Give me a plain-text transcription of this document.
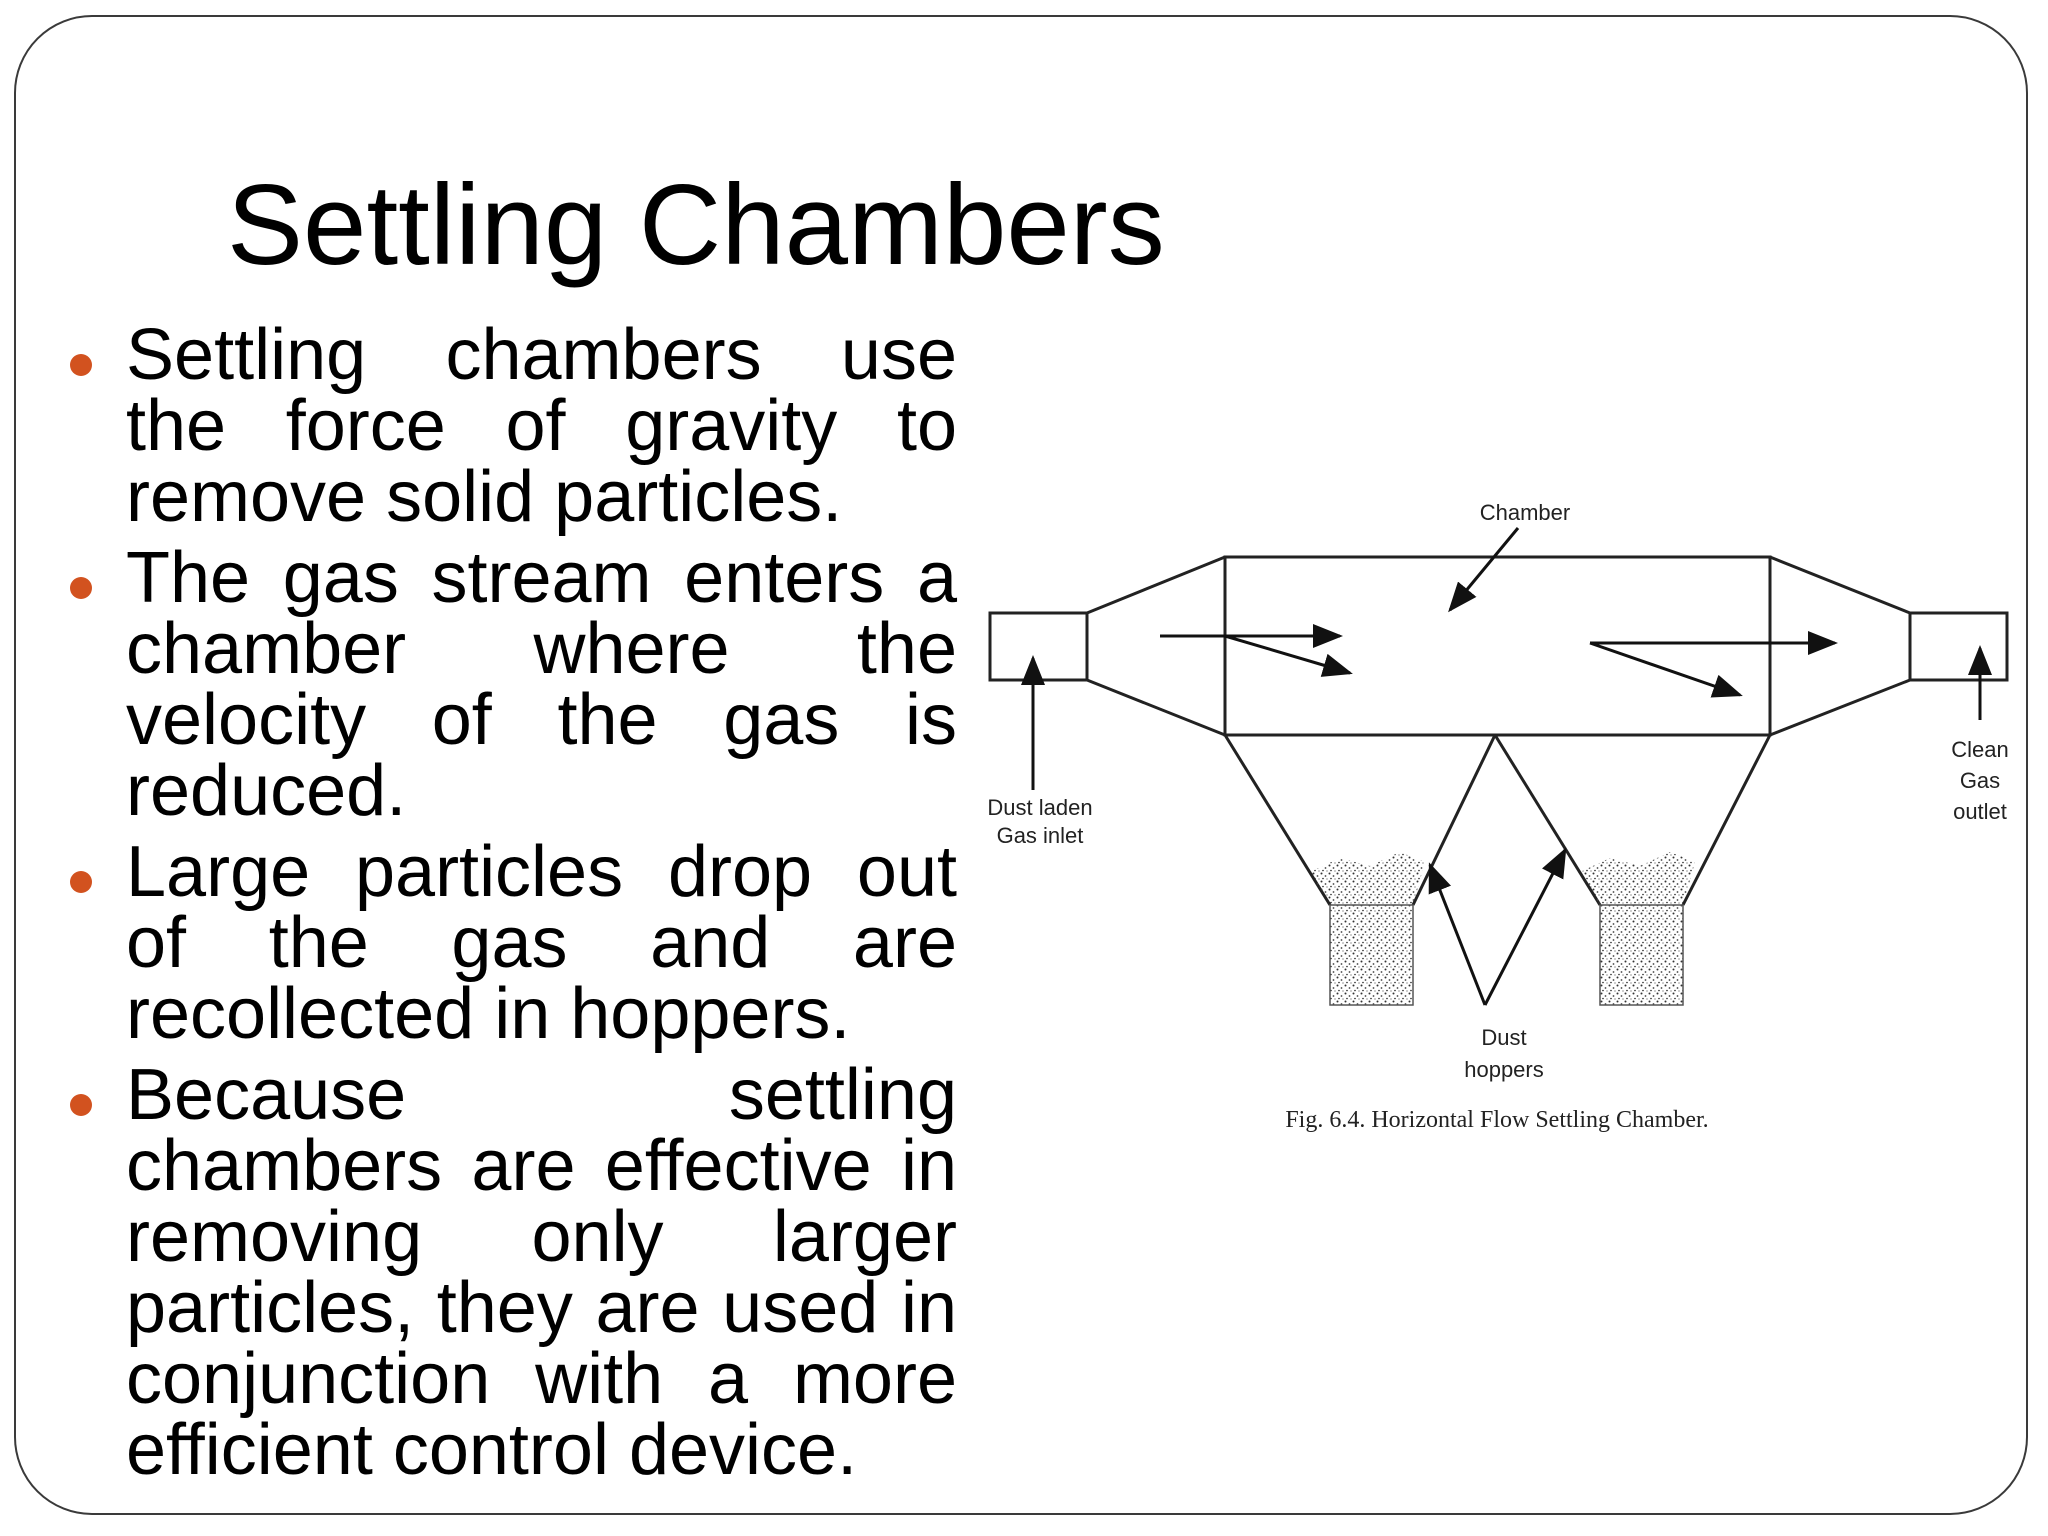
Settling Chambers
Settling chambers use the force of gravity to remove solid particles.
The gas stream enters a chamber where the velocity of the gas is reduced.
Large particles drop out of the gas and are recollected in hoppers.
Because settling chambers are effective in removing only larger particles, they are used in conjunction with a more efficient control device.
Chamber
Dust laden
Gas inlet
Clean
Gas
outlet
Dust
hoppers
Fig. 6.4. Horizontal Flow Settling Chamber.
